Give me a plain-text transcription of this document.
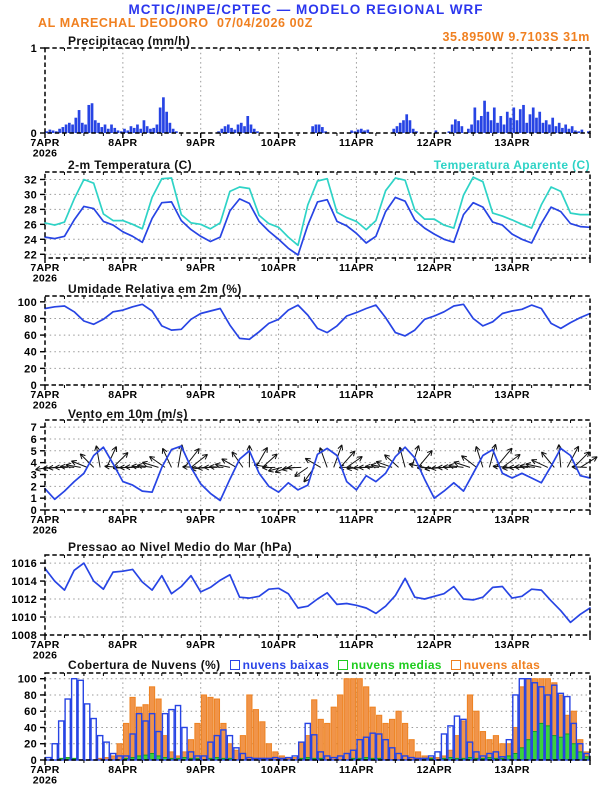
MCTIC/INPE/CPTEC — MODELO REGIONAL WRF
AL MARECHAL DEODORO 07/04/2026 00Z
35.8950W 9.7103S 31m
Precipitacao (mm/h)
2-m Temperatura (C)	Temperatura Aparente (C)
Umidade Relativa em 2m (%)
Vento em 10m (m/s)
Pressao ao Nivel Medio do Mar (hPa)
Cobertura de Nuvens (%)	nuvens baixas	nuvens medias	nuvens altas
0
1
7APR	8APR	9APR	10APR	11APR	12APR	13APR
2026
22
24
26
28
30
32
7APR	8APR	9APR	10APR	11APR	12APR	13APR
2026
0
20
40
60
80
100
7APR	8APR	9APR	10APR	11APR	12APR	13APR
2026
0
1
2
3
4
5
6
7
7APR	8APR	9APR	10APR	11APR	12APR	13APR
2026
1008
1010
1012
1014
1016
7APR	8APR	9APR	10APR	11APR	12APR	13APR
2026
0
20
40
60
80
100
7APR	8APR	9APR	10APR	11APR	12APR	13APR
2026
